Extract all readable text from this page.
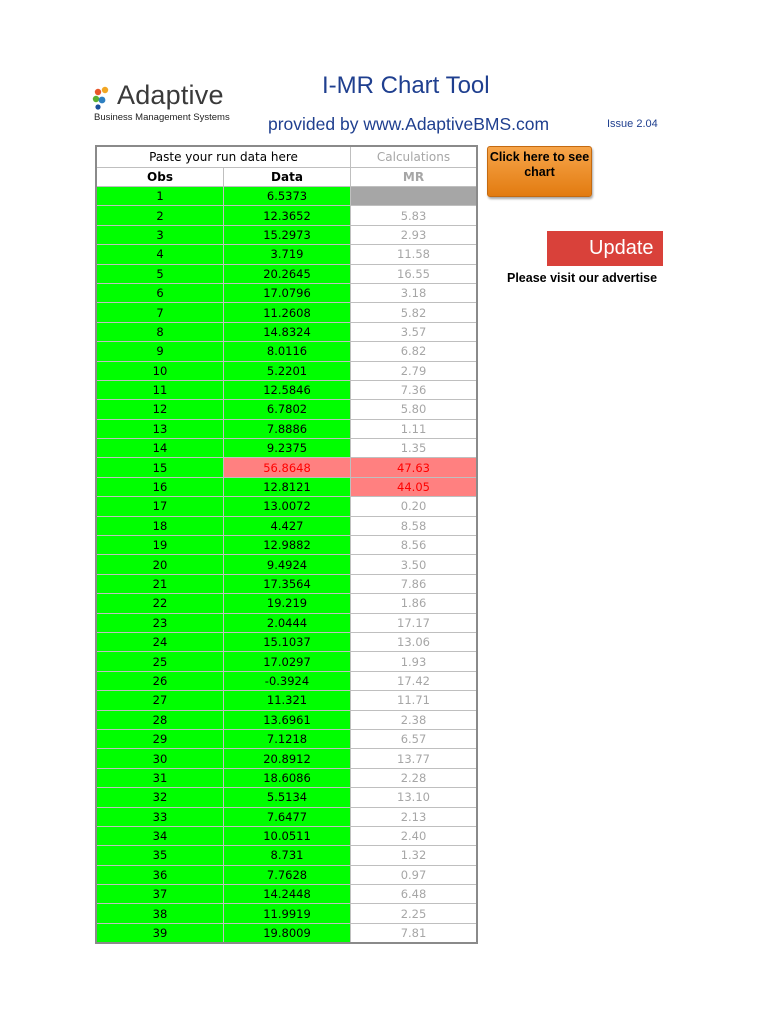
Adaptive
Business Management Systems
I-MR Chart Tool
provided by www.AdaptiveBMS.com	Issue 2.04
Paste your run data here		Calculations
Obs	Data	MR
1	6.5373	
2	12.3652	5.83
3	15.2973	2.93
4	3.719	11.58
5	20.2645	16.55
6	17.0796	3.18
7	11.2608	5.82
8	14.8324	3.57
9	8.0116	6.82
10	5.2201	2.79
11	12.5846	7.36
12	6.7802	5.80
13	7.8886	1.11
14	9.2375	1.35
15	56.8648	47.63
16	12.8121	44.05
17	13.0072	0.20
18	4.427	8.58
19	12.9882	8.56
20	9.4924	3.50
21	17.3564	7.86
22	19.219	1.86
23	2.0444	17.17
24	15.1037	13.06
25	17.0297	1.93
26	-0.3924	17.42
27	11.321	11.71
28	13.6961	2.38
29	7.1218	6.57
30	20.8912	13.77
31	18.6086	2.28
32	5.5134	13.10
33	7.6477	2.13
34	10.0511	2.40
35	8.731	1.32
36	7.7628	0.97
37	14.2448	6.48
38	11.9919	2.25
39	19.8009	7.81
Click here to see chart
Update
Please visit our advertise
